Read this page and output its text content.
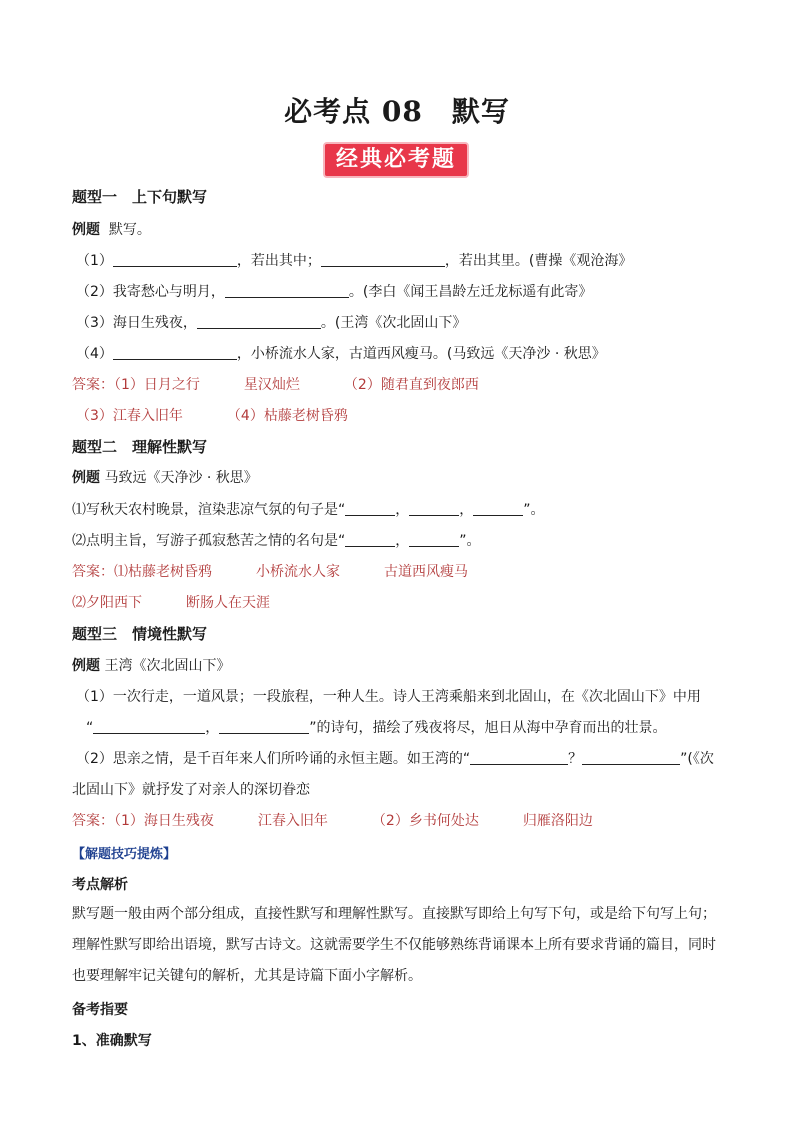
必考点 08　默写
经典必考题
题型一　上下句默写
例题 默写。
（1）	，若出其中；	，若出其里。(曹操《观沧海》
（2）我寄愁心与明月，	。(李白《闻王昌龄左迁龙标遥有此寄》
（3）海日生残夜，	。(王湾《次北固山下》
（4）	，小桥流水人家，古道西风瘦马。(马致远《天净沙 · 秋思》
答案：（1）日月之行	星汉灿烂	（2）随君直到夜郎西
（3）江春入旧年	（4）枯藤老树昏鸦
题型二　理解性默写
例题 马致远《天净沙 · 秋思》
⑴写秋天农村晚景，渲染悲凉气氛的句子是“	，	，	”。
⑵点明主旨，写游子孤寂愁苦之情的名句是“	，	”。
答案：⑴枯藤老树昏鸦	小桥流水人家	古道西风瘦马
⑵夕阳西下	断肠人在天涯
题型三　情境性默写
例题 王湾《次北固山下》
（1）一次行走，一道风景；一段旅程，一种人生。诗人王湾乘船来到北固山，在《次北固山下》中用
“	，	”的诗句，描绘了残夜将尽，旭日从海中孕育而出的壮景。
（2）思亲之情，是千百年来人们所吟诵的永恒主题。如王湾的“	？	”(《次
北固山下》就抒发了对亲人的深切眷恋
答案：（1）海日生残夜	江春入旧年	（2）乡书何处达	归雁洛阳边
【解题技巧提炼】
考点解析
默写题一般由两个部分组成，直接性默写和理解性默写。直接默写即给上句写下句，或是给下句写上句；理解性默写即给出语境，默写古诗文。这就需要学生不仅能够熟练背诵课本上所有要求背诵的篇目，同时也要理解牢记关键句的解析，尤其是诗篇下面小字解析。
备考指要
1、准确默写
